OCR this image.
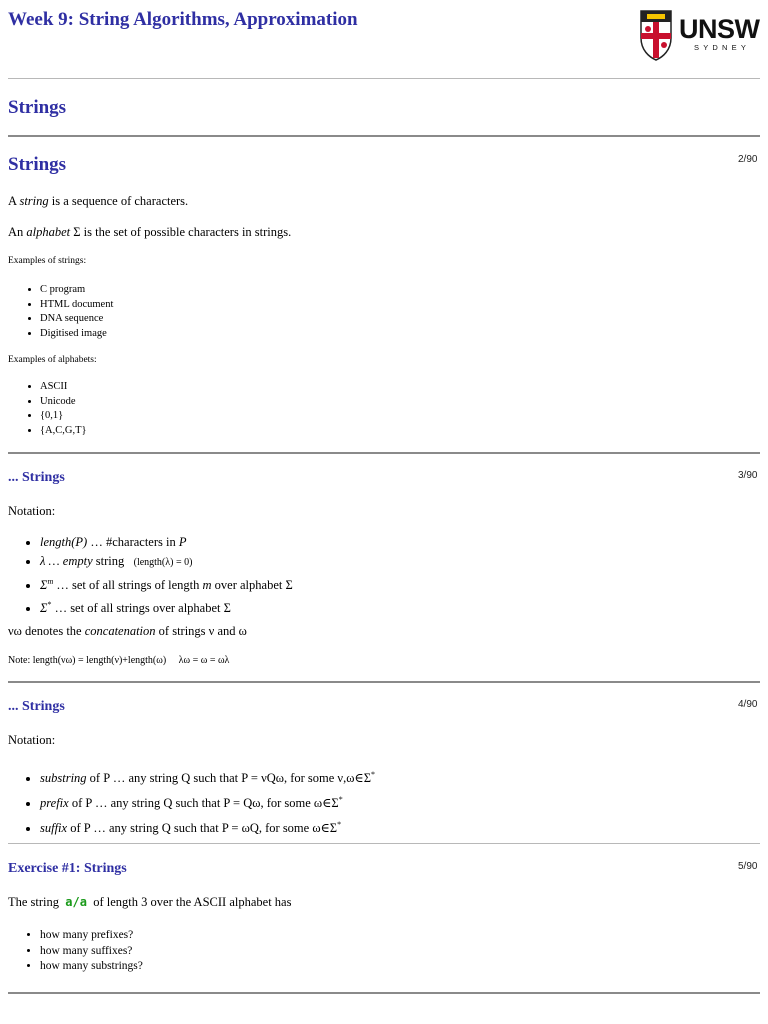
Week 9: String Algorithms, Approximation	UNSW
SYDNEY
Strings
Strings	2/90
A string is a sequence of characters.
An alphabet Σ is the set of possible characters in strings.
Examples of strings:
• C program
• HTML document
• DNA sequence
• Digitised image
Examples of alphabets:
• ASCII
• Unicode
• {0,1}
• {A,C,G,T}
... Strings	3/90
Notation:
• length(P) … #characters in P
• λ … empty string (length(λ) = 0)
• $\Sigma^m$ … set of all strings of length m over alphabet Σ
• Σ* … set of all strings over alphabet Σ
νω denotes the concatenation of strings ν and ω
Note: length(νω) = length(ν)+length(ω) λω = ω = ωλ
... Strings	4/90
Notation:
• substring of P … any string Q such that P = νQω, for some ν,ω∈Σ*
• prefix of P … any string Q such that P = Qω, for some ω∈Σ*
• suffix of P … any string Q such that P = ωQ, for some ω∈Σ*
Exercise #1: Strings	5/90
The string  a/a  of length 3 over the ASCII alphabet has
• how many prefixes?
• how many suffixes?
• how many substrings?
